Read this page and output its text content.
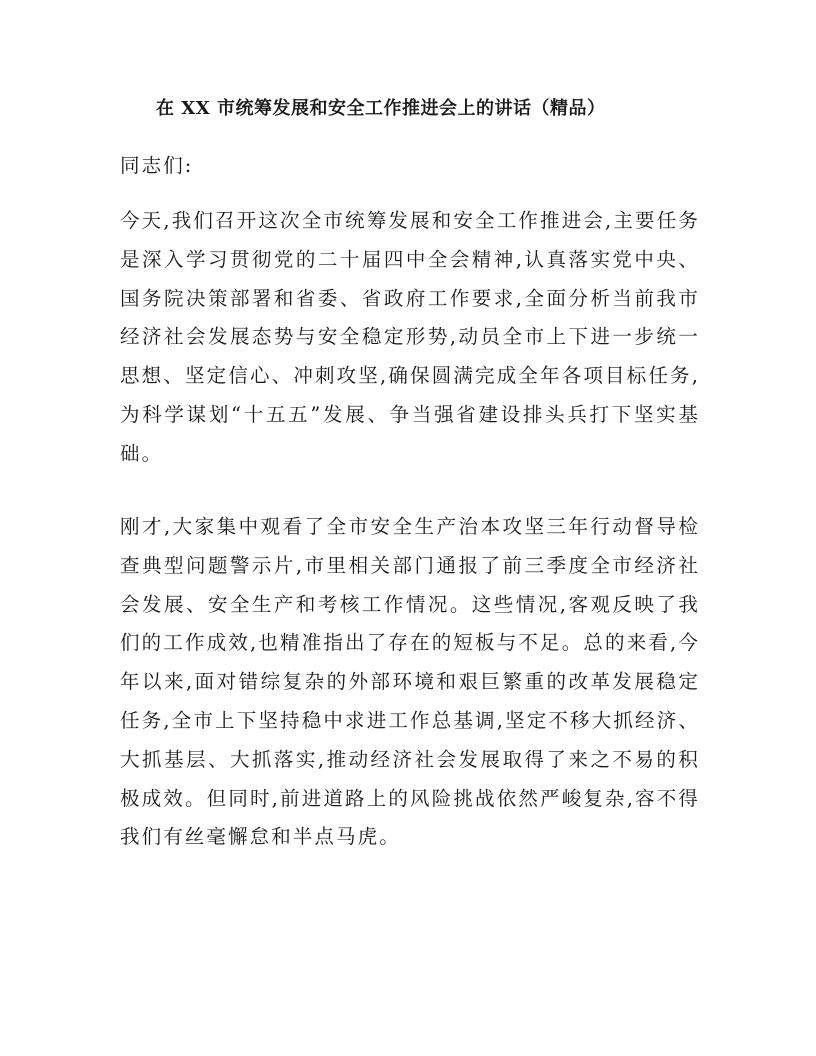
在 XX 市统筹发展和安全工作推进会上的讲话（精品）

同志们:

今天,我们召开这次全市统筹发展和安全工作推进会,主要任务是深入学习贯彻党的二十届四中全会精神,认真落实党中央、国务院决策部署和省委、省政府工作要求,全面分析当前我市经济社会发展态势与安全稳定形势,动员全市上下进一步统一思想、坚定信心、冲刺攻坚,确保圆满完成全年各项目标任务,为科学谋划“十五五”发展、争当强省建设排头兵打下坚实基础。

刚才,大家集中观看了全市安全生产治本攻坚三年行动督导检查典型问题警示片,市里相关部门通报了前三季度全市经济社会发展、安全生产和考核工作情况。这些情况,客观反映了我们的工作成效,也精准指出了存在的短板与不足。总的来看,今年以来,面对错综复杂的外部环境和艰巨繁重的改革发展稳定任务,全市上下坚持稳中求进工作总基调,坚定不移大抓经济、大抓基层、大抓落实,推动经济社会发展取得了来之不易的积极成效。但同时,前进道路上的风险挑战依然严峻复杂,容不得我们有丝毫懈怠和半点马虎。
